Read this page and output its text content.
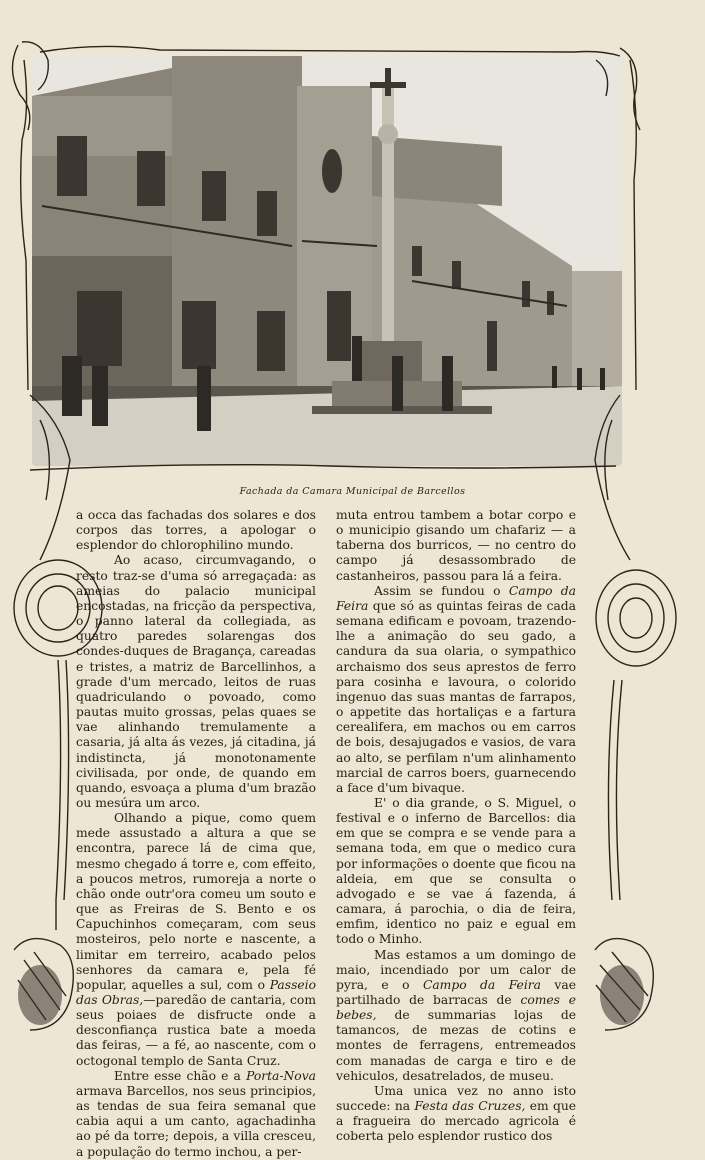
Fachada da Camara Municipal de Barcellos

a occa das fachadas dos solares e dos corpos das torres, a apologar o esplendor do chlorophilino mundo.

Ao acaso, circumvagando, o resto traz-se d'uma só arregaçada: as ameias do palacio municipal encostadas, na fricção da perspectiva, o panno lateral da collegiada, as quatro paredes solarengas dos condes-duques de Bragança, careadas e tristes, a matriz de Barcellinhos, a grade d'um mercado, leitos de ruas quadriculando o povoado, como pautas muito grossas, pelas quaes se vae alinhando tremulamente a casaria, já alta ás vezes, já citadina, já indistincta, já monotonamente civilisada, por onde, de quando em quando, esvoaça a pluma d'um brazão ou mesúra um arco.

Olhando a pique, como quem mede assustado a altura a que se encontra, parece lá de cima que, mesmo chegado á torre e, com effeito, a poucos metros, rumoreja a norte o chão onde outr'ora comeu um souto e que as Freiras de S. Bento e os Capuchinhos começaram, com seus mosteiros, pelo norte e nascente, a limitar em terreiro, acabado pelos senhores da camara e, pela fé popular, aquelles a sul, com o Passeio das Obras,—paredão de cantaria, com seus poiaes de disfructe onde a desconfiança rustica bate a moeda das feiras, — a fé, ao nascente, com o octogonal templo de Santa Cruz.

Entre esse chão e a Porta-Nova armava Barcellos, nos seus principios, as tendas de sua feira semanal que cabia aqui a um canto, agachadinha ao pé da torre; depois, a villa cresceu, a população do termo inchou, a per-

muta entrou tambem a botar corpo e o municipio gisando um chafariz — a taberna dos burricos, — no centro do campo já desassombrado de castanheiros, passou para lá a feira.

Assim se fundou o Campo da Feira que só as quintas feiras de cada semana edificam e povoam, trazendo-lhe a animação do seu gado, a candura da sua olaria, o sympathico archaismo dos seus aprestos de ferro para cosinha e lavoura, o colorido ingenuo das suas mantas de farrapos, o appetite das hortaliças e a fartura cerealifera, em machos ou em carros de bois, desajugados e vasios, de vara ao alto, se perfilam n'um alinhamento marcial de carros boers, guarnecendo a face d'um bivaque.

E' o dia grande, o S. Miguel, o festival e o inferno de Barcellos: dia em que se compra e se vende para a semana toda, em que o medico cura por informações o doente que ficou na aldeia, em que se consulta o advogado e se vae á fazenda, á camara, á parochia, o dia de feira, emfim, identico no paiz e egual em todo o Minho.

Mas estamos a um domingo de maio, incendiado por um calor de pyra, e o Campo da Feira vae partilhado de barracas de comes e bebes, de summarias lojas de tamancos, de mezas de cotins e montes de ferragens, entremeados com manadas de carga e tiro e de vehiculos, desatrelados, de museu.

Uma unica vez no anno isto succede: na Festa das Cruzes, em que a fragueira do mercado agricola é coberta pelo esplendor rustico dos
